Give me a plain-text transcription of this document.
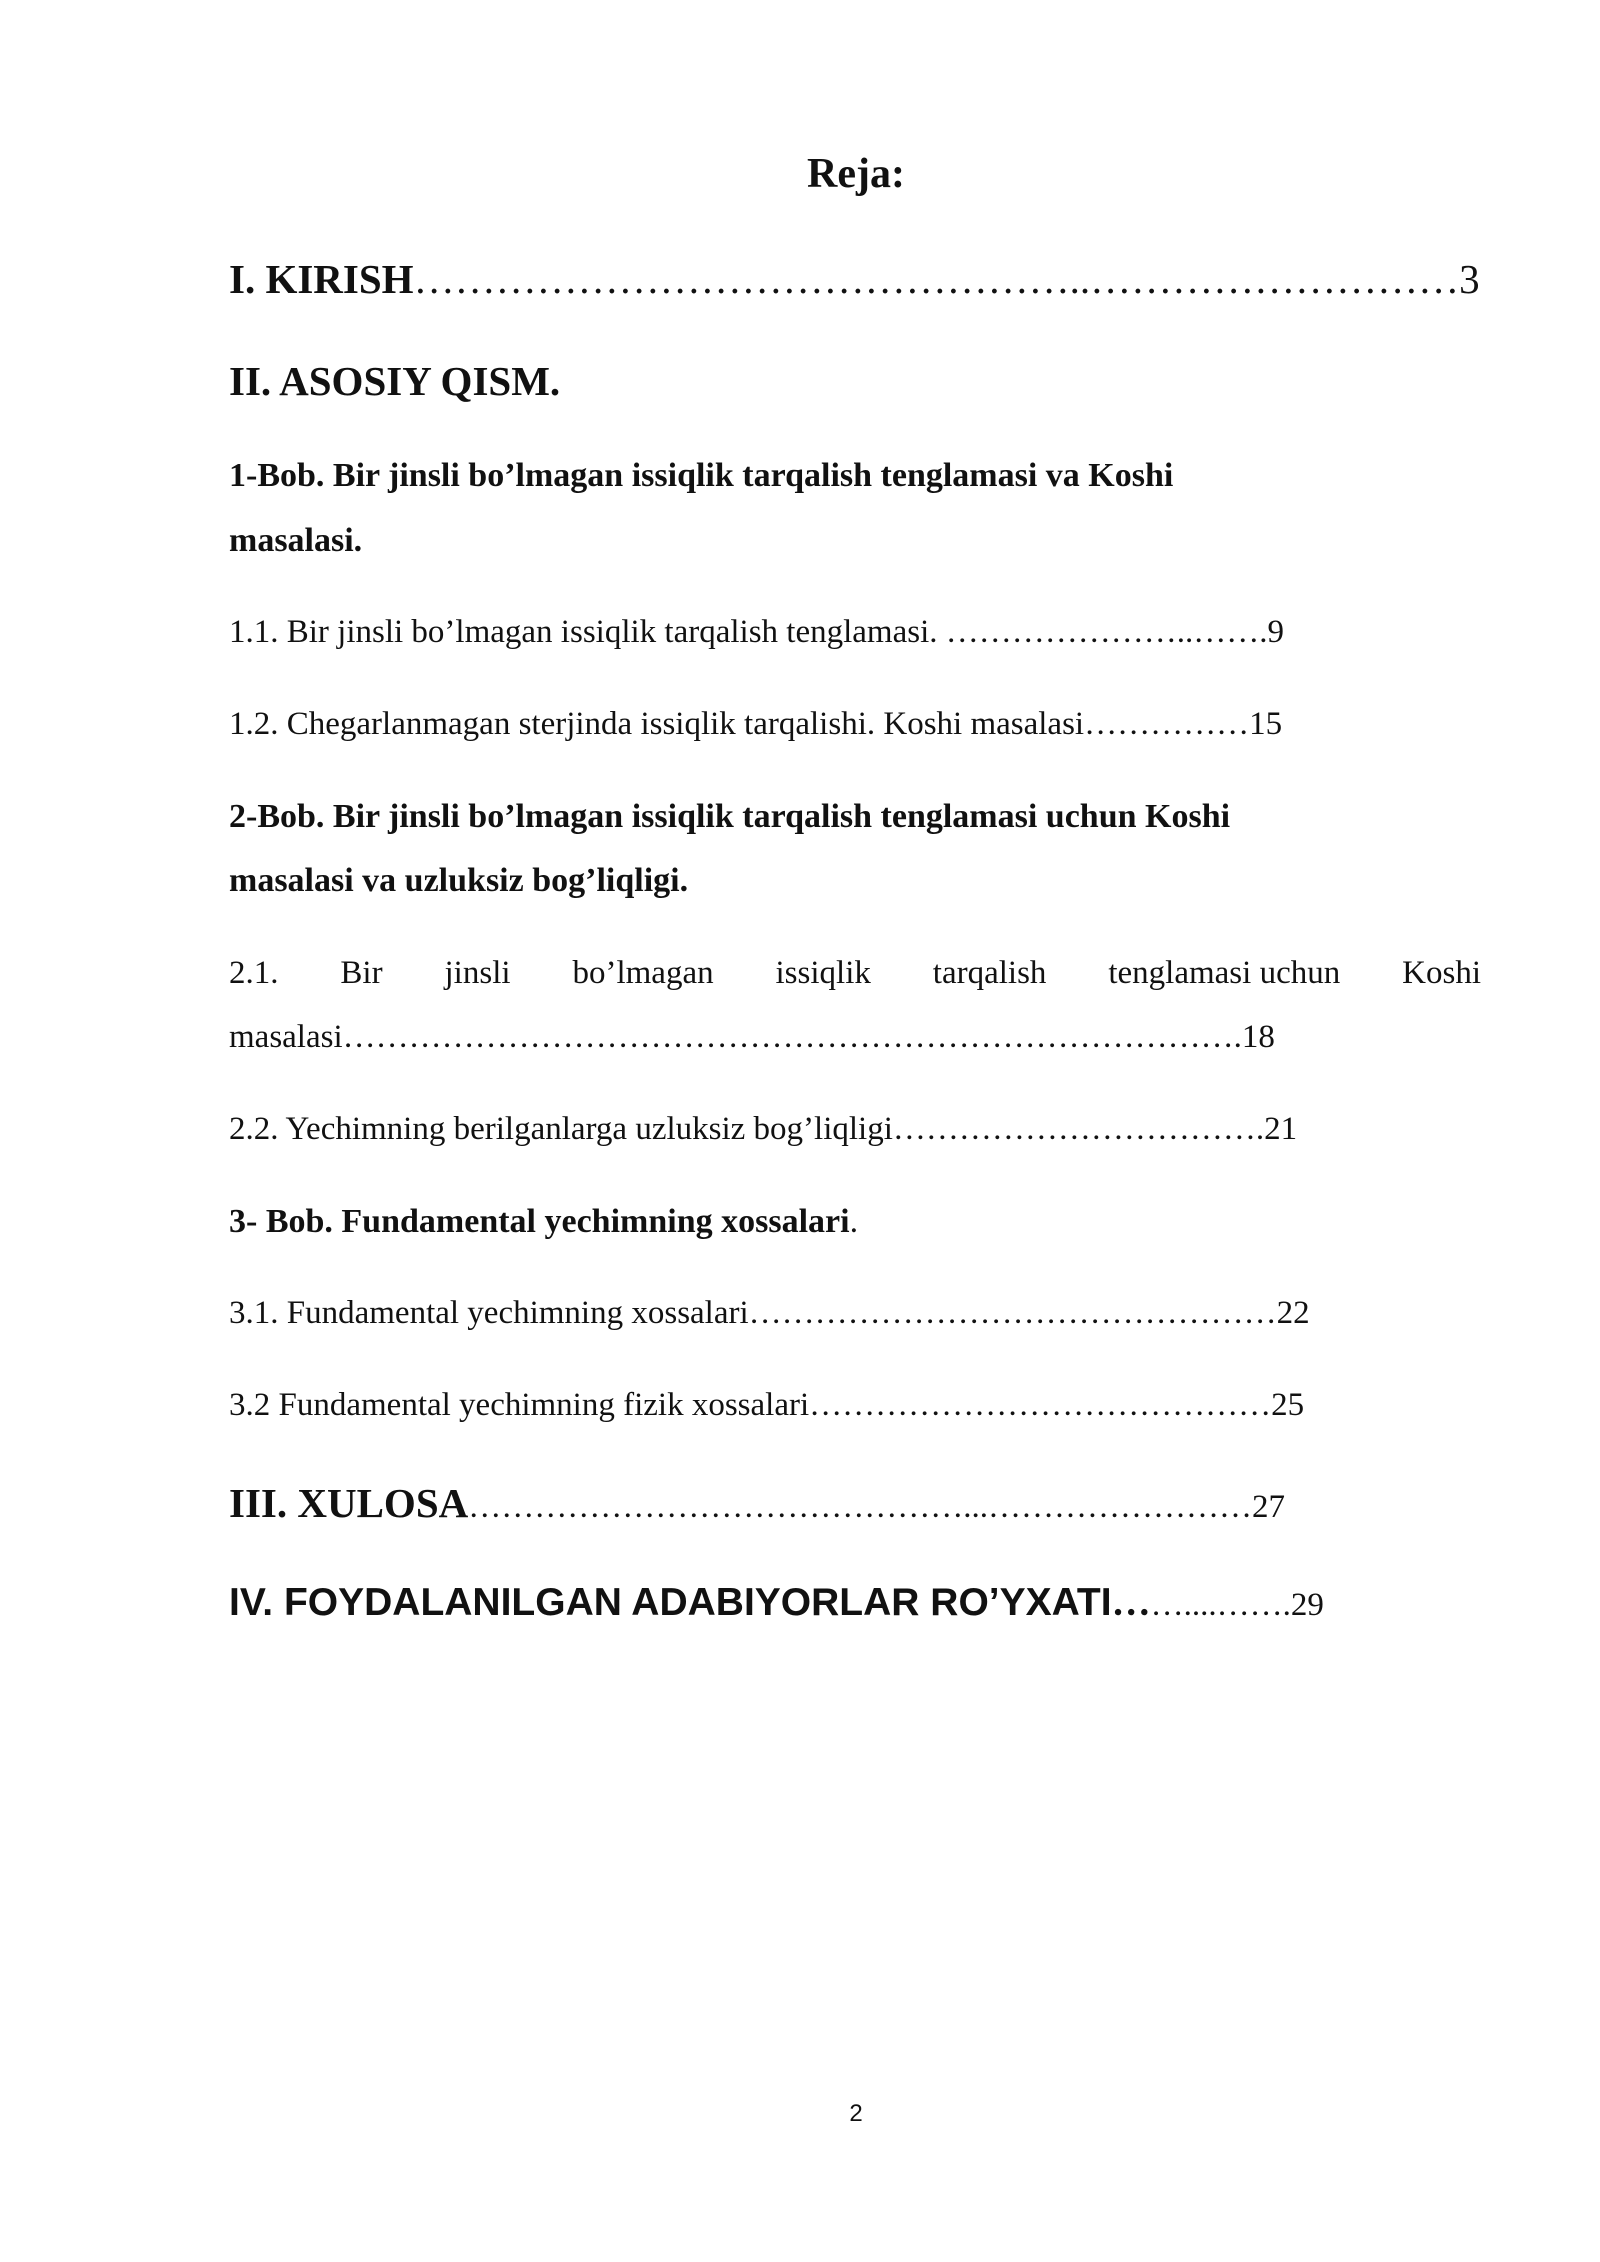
Reja:
I. KIRISH…………………………………………..………………………3
II. ASOSIY QISM.
1-Bob. Bir jinsli bo’lmagan issiqlik tarqalish tenglamasi va Koshi
masalasi.
1.1. Bir jinsli bo’lmagan issiqlik tarqalish tenglamasi. …………………..…….9
1.2. Chegarlanmagan sterjinda issiqlik tarqalishi. Koshi masalasi……………15
2-Bob. Bir jinsli bo’lmagan issiqlik tarqalish tenglamasi uchun Koshi
masalasi va uzluksiz bog’liqligi.
2.1. Bir jinsli bo’lmagan issiqlik tarqalish tenglamasi uchun Koshi
masalasi……………………………………………………………………….18
2.2. Yechimning berilganlarga uzluksiz bog’liqligi…………………………….21
3- Bob. Fundamental yechimning xossalari.
3.1. Fundamental yechimning xossalari…………………………………………22
3.2 Fundamental yechimning fizik xossalari……………………………………25
III. XULOSA………………………………………...……………………27
IV. FOYDALANILGAN ADABIYORLAR RO’YXATI……....…….29
2
